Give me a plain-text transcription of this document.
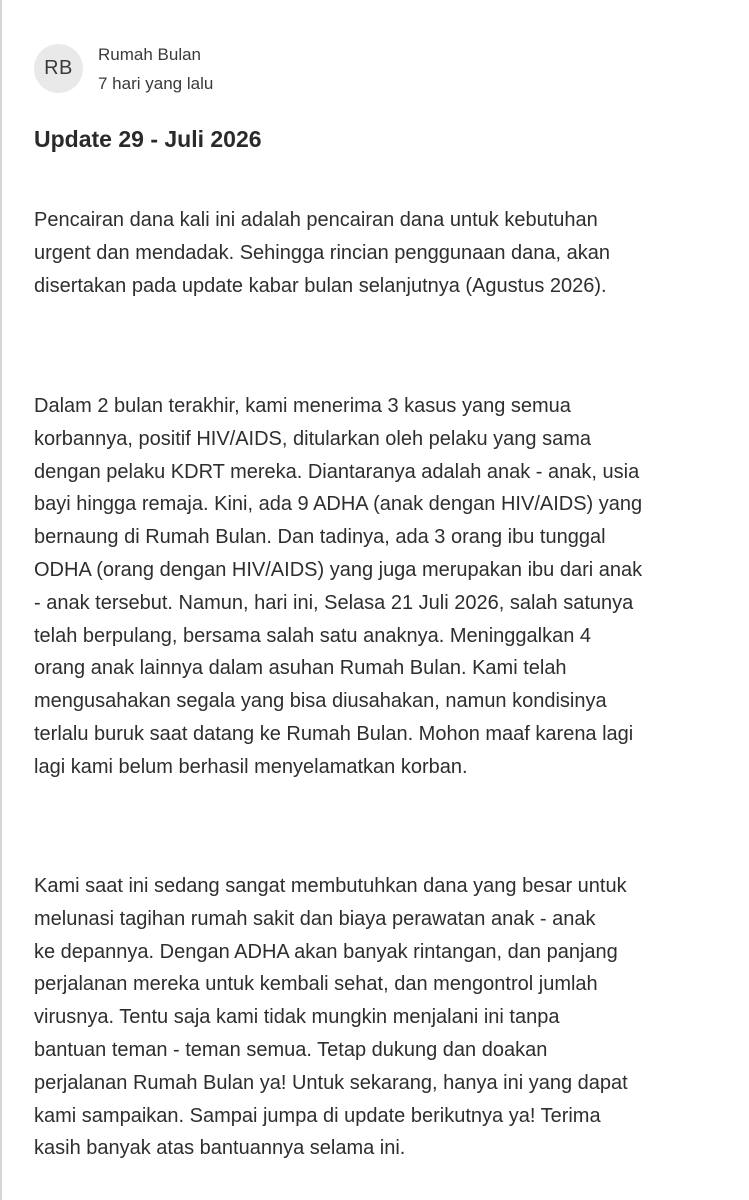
RB
Rumah Bulan
7 hari yang lalu
Update 29 - Juli 2026

Pencairan dana kali ini adalah pencairan dana untuk kebutuhan
urgent dan mendadak. Sehingga rincian penggunaan dana, akan
disertakan pada update kabar bulan selanjutnya (Agustus 2026).

Dalam 2 bulan terakhir, kami menerima 3 kasus yang semua
korbannya, positif HIV/AIDS, ditularkan oleh pelaku yang sama
dengan pelaku KDRT mereka. Diantaranya adalah anak - anak, usia
bayi hingga remaja. Kini, ada 9 ADHA (anak dengan HIV/AIDS) yang
bernaung di Rumah Bulan. Dan tadinya, ada 3 orang ibu tunggal
ODHA (orang dengan HIV/AIDS) yang juga merupakan ibu dari anak
- anak tersebut. Namun, hari ini, Selasa 21 Juli 2026, salah satunya
telah berpulang, bersama salah satu anaknya. Meninggalkan 4
orang anak lainnya dalam asuhan Rumah Bulan. Kami telah
mengusahakan segala yang bisa diusahakan, namun kondisinya
terlalu buruk saat datang ke Rumah Bulan. Mohon maaf karena lagi
lagi kami belum berhasil menyelamatkan korban.

Kami saat ini sedang sangat membutuhkan dana yang besar untuk
melunasi tagihan rumah sakit dan biaya perawatan anak - anak
ke depannya. Dengan ADHA akan banyak rintangan, dan panjang
perjalanan mereka untuk kembali sehat, dan mengontrol jumlah
virusnya. Tentu saja kami tidak mungkin menjalani ini tanpa
bantuan teman - teman semua. Tetap dukung dan doakan
perjalanan Rumah Bulan ya! Untuk sekarang, hanya ini yang dapat
kami sampaikan. Sampai jumpa di update berikutnya ya! Terima
kasih banyak atas bantuannya selama ini.
